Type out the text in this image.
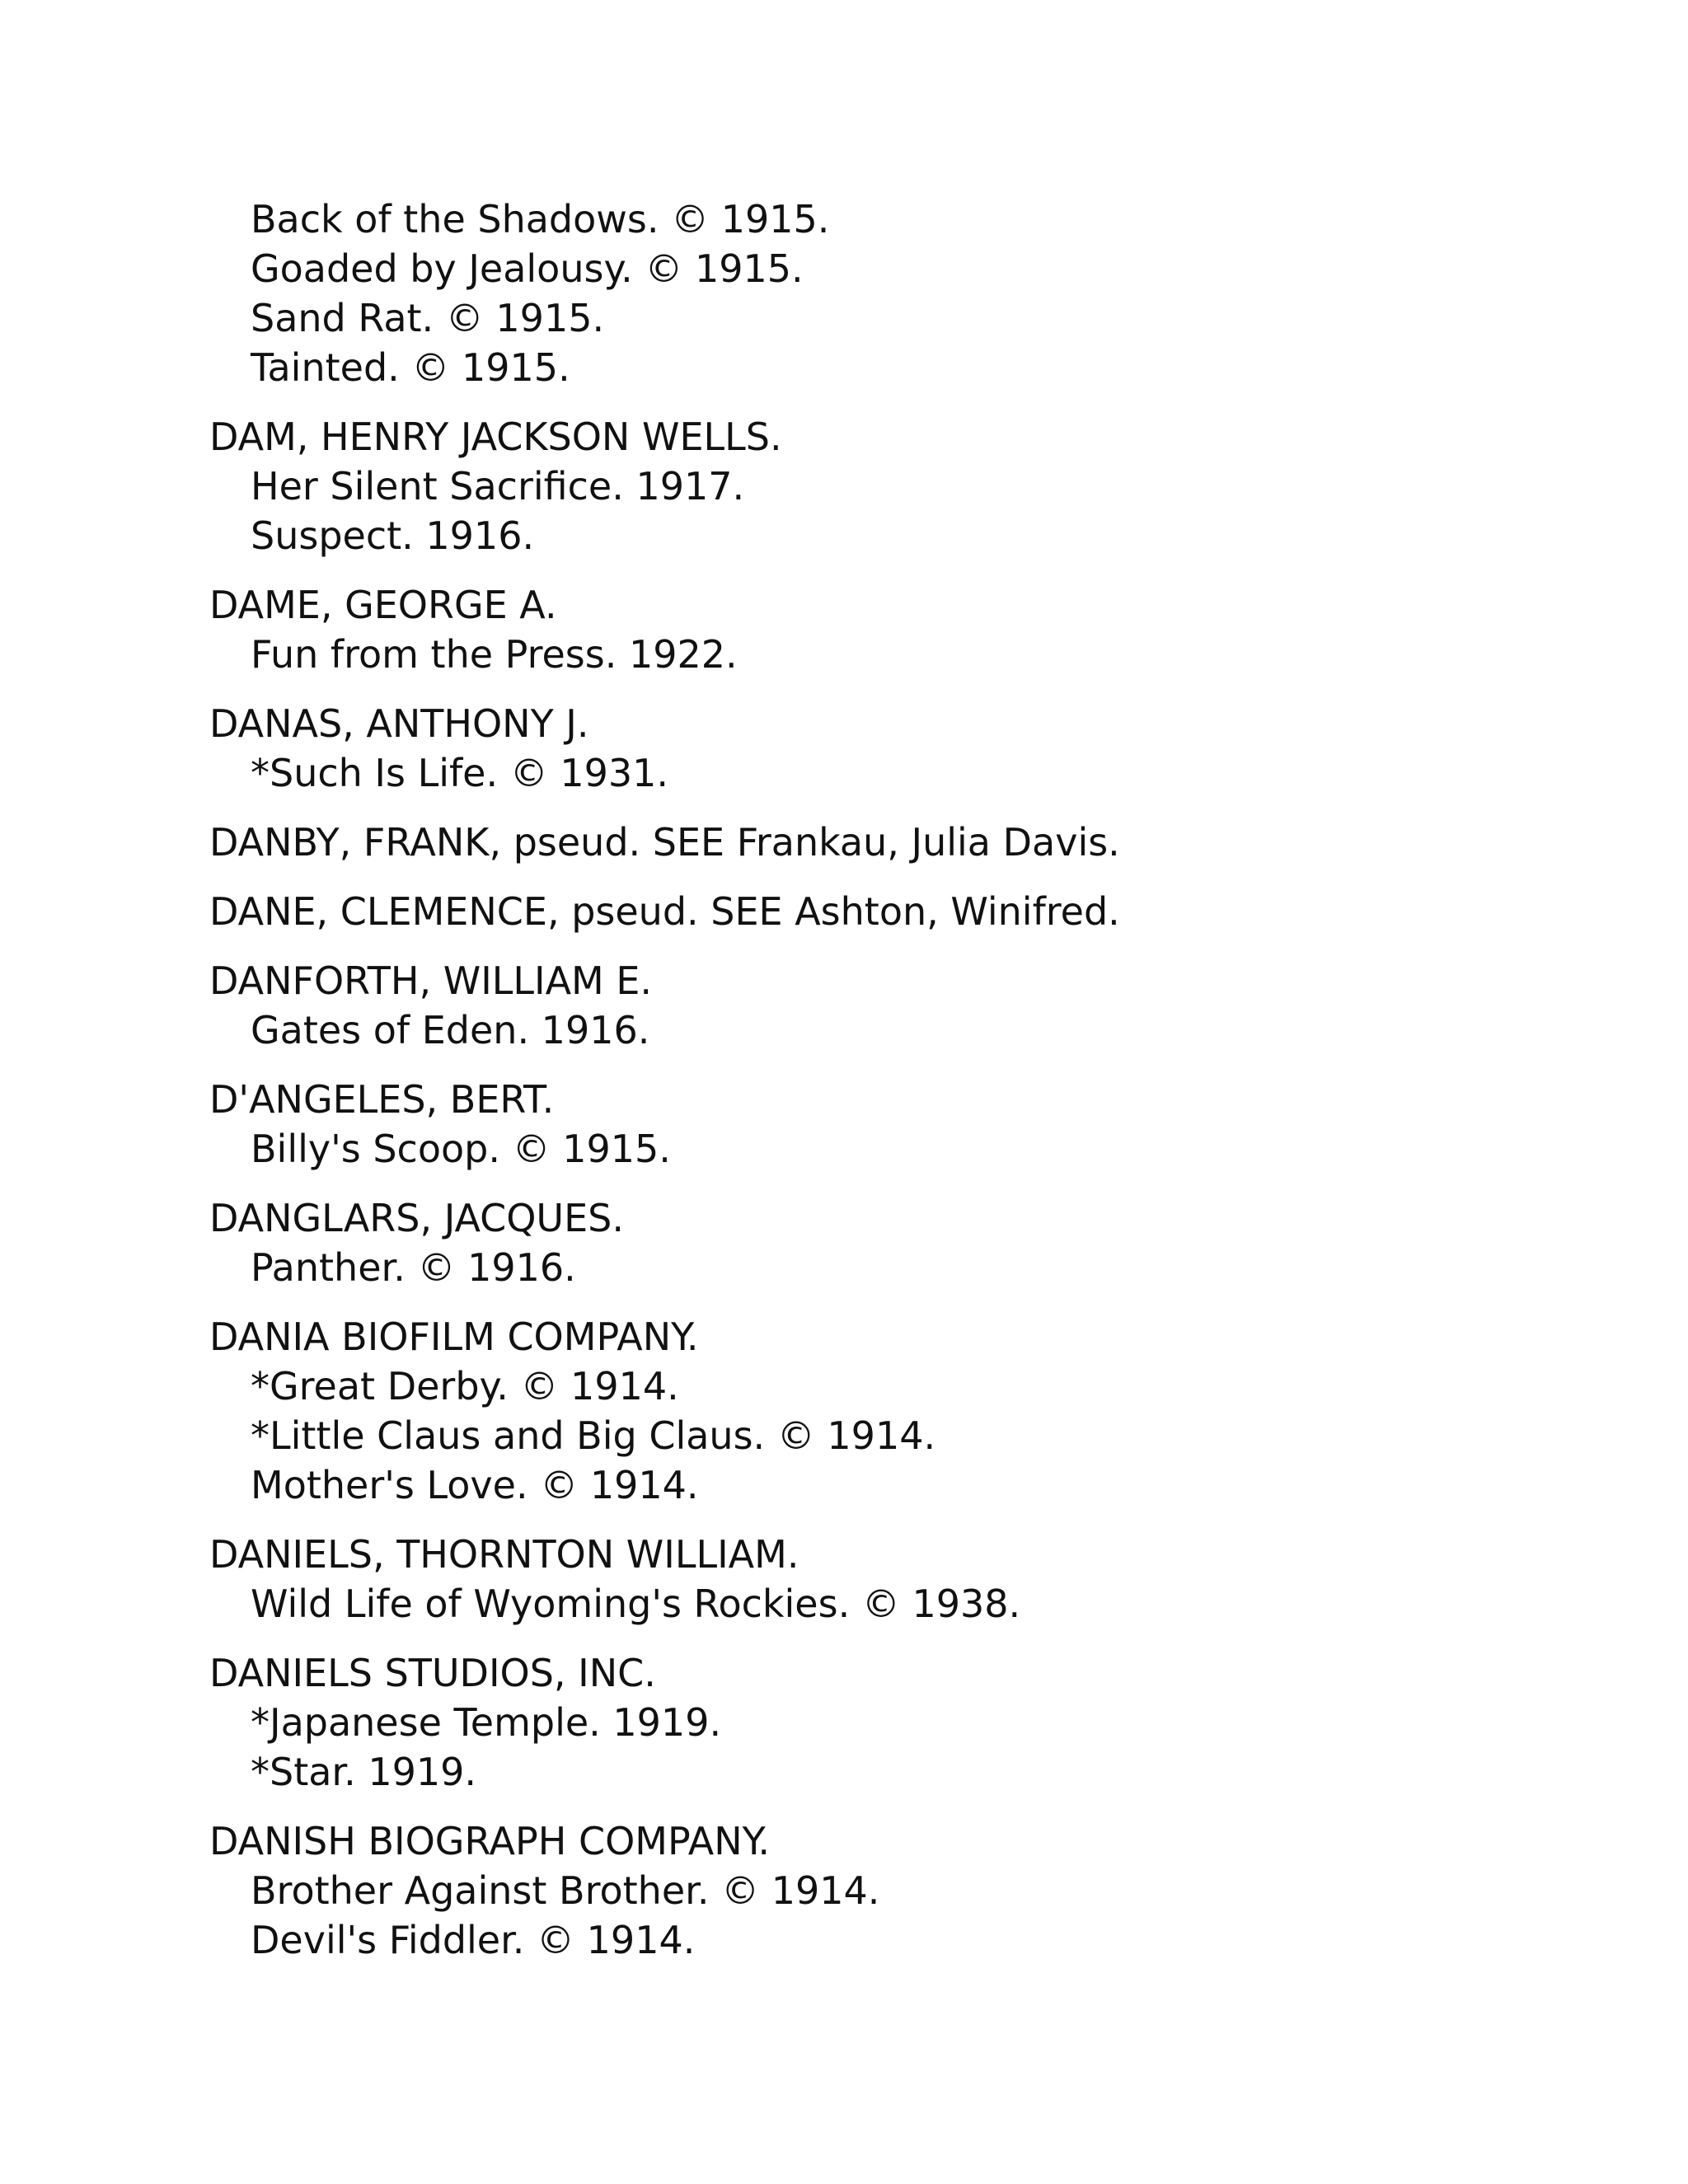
Back of the Shadows. © 1915.
Goaded by Jealousy. © 1915.
Sand Rat. © 1915.
Tainted. © 1915.
DAM, HENRY JACKSON WELLS.
Her Silent Sacrifice. 1917.
Suspect. 1916.
DAME, GEORGE A.
Fun from the Press. 1922.
DANAS, ANTHONY J.
*Such Is Life. © 1931.
DANBY, FRANK, pseud. SEE Frankau, Julia Davis.
DANE, CLEMENCE, pseud. SEE Ashton, Winifred.
DANFORTH, WILLIAM E.
Gates of Eden. 1916.
D'ANGELES, BERT.
Billy's Scoop. © 1915.
DANGLARS, JACQUES.
Panther. © 1916.
DANIA BIOFILM COMPANY.
*Great Derby. © 1914.
*Little Claus and Big Claus. © 1914.
Mother's Love. © 1914.
DANIELS, THORNTON WILLIAM.
Wild Life of Wyoming's Rockies. © 1938.
DANIELS STUDIOS, INC.
*Japanese Temple. 1919.
*Star. 1919.
DANISH BIOGRAPH COMPANY.
Brother Against Brother. © 1914.
Devil's Fiddler. © 1914.
